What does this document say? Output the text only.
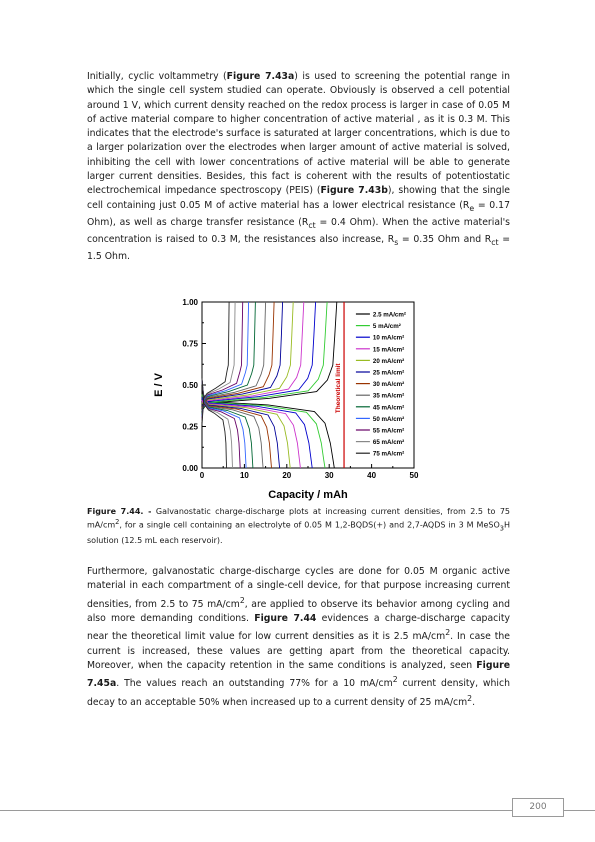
Initially, cyclic voltammetry (Figure 7.43a) is used to screening the potential range in which the single cell system studied can operate. Obviously is observed a cell potential around 1 V, which current density reached on the redox process is larger in case of 0.05 M of active material compare to higher concentration of active material , as it is 0.3 M. This indicates that the electrode's surface is saturated at larger concentrations, which is due to a larger polarization over the electrodes when larger amount of active material is solved, inhibiting the cell with lower concentrations of active material will be able to generate larger current densities. Besides, this fact is coherent with the results of potentiostatic electrochemical impedance spectroscopy (PEIS) (Figure 7.43b), showing that the single cell containing just 0.05 M of active material has a lower electrical resistance ($R_e = 0.17$ Ohm), as well as charge transfer resistance ($R_{ct} = 0.4$ Ohm). When the active material's concentration is raised to 0.3 M, the resistances also increase, $R_s = 0.35$ Ohm and $R_{ct} = 1.5$ Ohm.

0	10	20	30	40	50
0.00
0.25
0.50
0.75
1.00
Capacity / mAh
E / V	Theoretical limit
2.5 mA/cm²
5 mA/cm²
10 mA/cm²
15 mA/cm²
20 mA/cm²
25 mA/cm²
30 mA/cm²
35 mA/cm²
45 mA/cm²
50 mA/cm²
55 mA/cm²
65 mA/cm²
75 mA/cm²

Figure 7.44. - Galvanostatic charge-discharge plots at increasing current densities, from 2.5 to 75 $mA/cm^2$, for a single cell containing an electrolyte of 0.05 M 1,2-BQDS(+) and 2,7-AQDS in 3 M MeSO$_3$H solution (12.5 mL each reservoir).

Furthermore, galvanostatic charge-discharge cycles are done for 0.05 M organic active material in each compartment of a single-cell device, for that purpose increasing current densities, from 2.5 to 75 $mA/cm^2$, are applied to observe its behavior among cycling and also more demanding conditions. Figure 7.44 evidences a charge-discharge capacity near the theoretical limit value for low current densities as it is 2.5 $mA/cm^2$. In case the current is increased, these values are getting apart from the theoretical capacity. Moreover, when the capacity retention in the same conditions is analyzed, seen Figure 7.45a. The values reach an outstanding 77% for a 10 $mA/cm^2$ current density, which decay to an acceptable 50% when increased up to a current density of 25 $mA/cm^2$.

200
